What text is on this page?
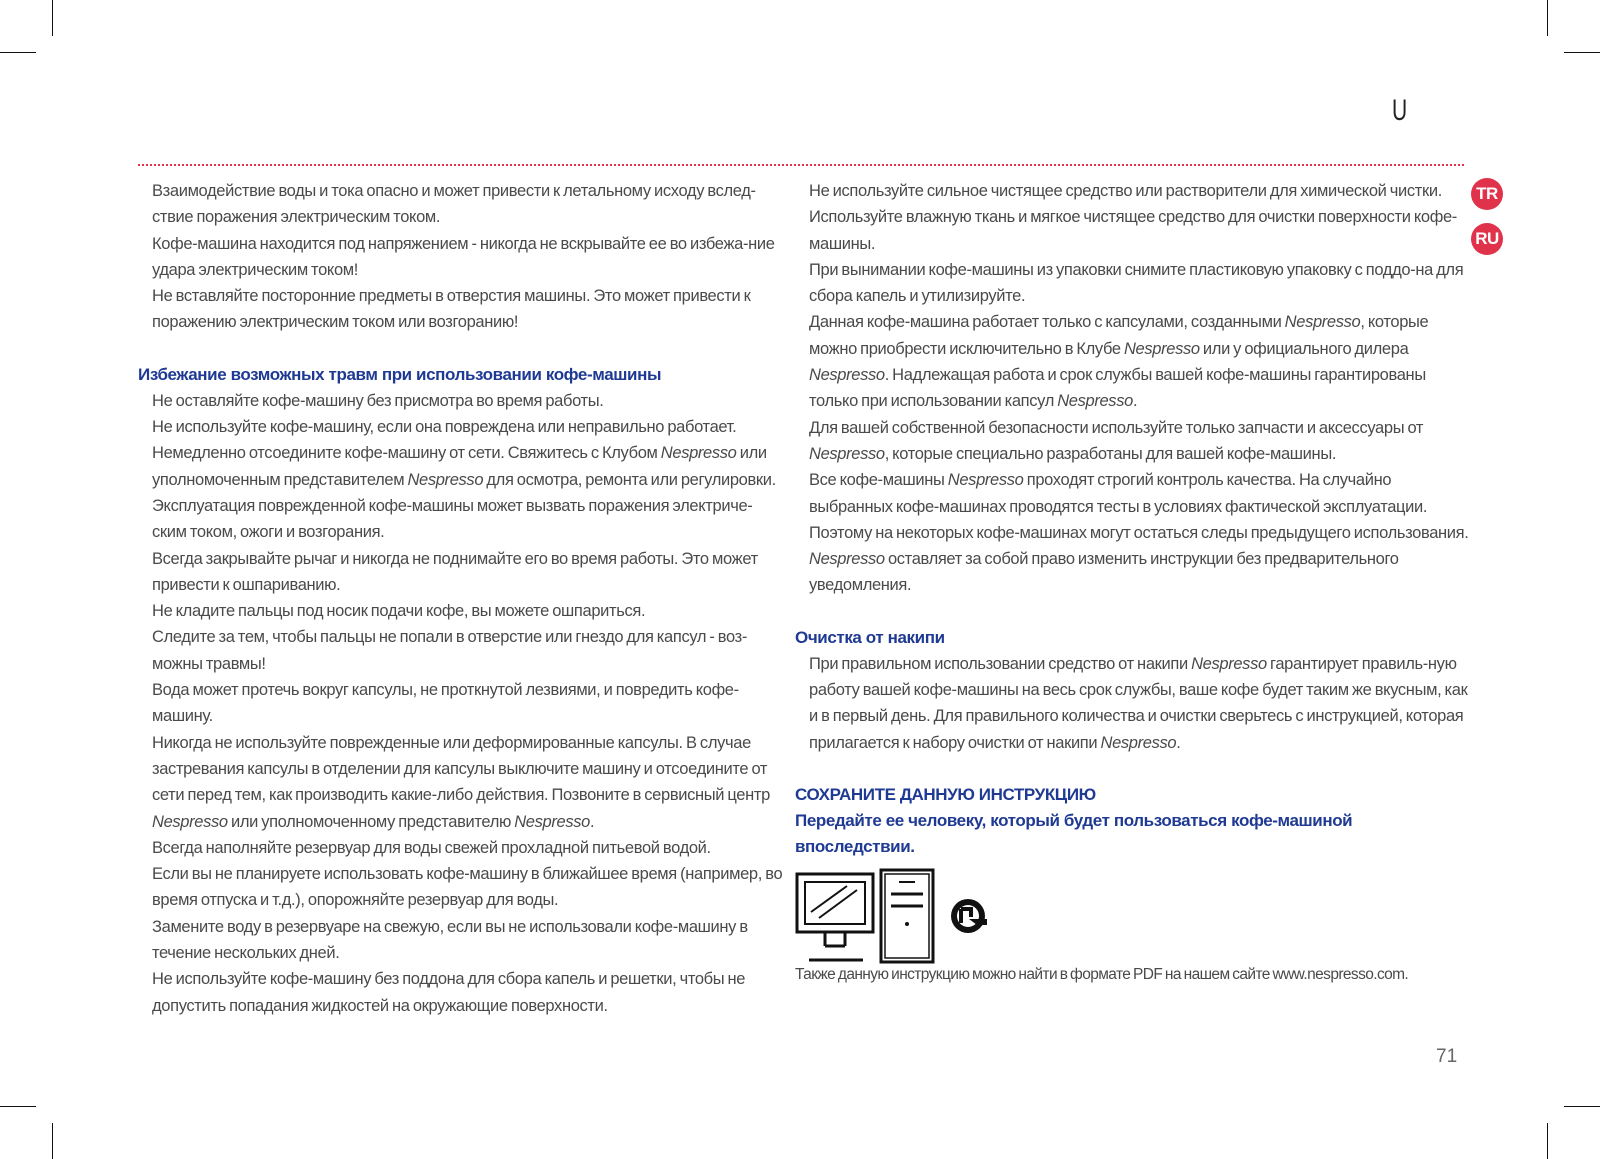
U
TR
RU
Взаимодействие воды и тока опасно и может привести к летальному исходу вслед-ствие поражения электрическим током.
Кофе-машина находится под напряжением - никогда не вскрывайте ее во избежа-ние удара электрическим током!
Не вставляйте посторонние предметы в отверстия машины. Это может привести к поражению электрическим током или возгоранию!
Избежание возможных травм при использовании кофе-машины
Не оставляйте кофе-машину без присмотра во время работы.
Не используйте кофе-машину, если она повреждена или неправильно работает.
Немедленно отсоедините кофе-машину от сети. Свяжитесь с Клубом Nespresso или уполномоченным представителем Nespresso для осмотра, ремонта или регулировки.
Эксплуатация поврежденной кофе-машины может вызвать поражения электриче-ским током, ожоги и возгорания.
Всегда закрывайте рычаг и никогда не поднимайте его во время работы. Это может привести к ошпариванию.
Не кладите пальцы под носик подачи кофе, вы можете ошпариться.
Следите за тем, чтобы пальцы не попали в отверстие или гнездо для капсул - воз-можны травмы!
Вода может протечь вокруг капсулы, не проткнутой лезвиями, и повредить кофе-машину.
Никогда не используйте поврежденные или деформированные капсулы. В случае застревания капсулы в отделении для капсулы выключите машину и отсоедините от сети перед тем, как производить какие-либо действия. Позвоните в сервисный центр Nespresso или уполномоченному представителю Nespresso.
Всегда наполняйте резервуар для воды свежей прохладной питьевой водой.
Если вы не планируете использовать кофе-машину в ближайшее время (например, во время отпуска и т.д.), опорожняйте резервуар для воды.
Замените воду в резервуаре на свежую, если вы не использовали кофе-машину в течение нескольких дней.
Не используйте кофе-машину без поддона для сбора капель и решетки, чтобы не допустить попадания жидкостей на окружающие поверхности.
Не используйте сильное чистящее средство или растворители для химической чистки. Используйте влажную ткань и мягкое чистящее средство для очистки поверхности кофе-машины.
При вынимании кофе-машины из упаковки снимите пластиковую упаковку с поддо-на для сбора капель и утилизируйте.
Данная кофе-машина работает только с капсулами, созданными Nespresso, которые можно приобрести исключительно в Клубе Nespresso или у официального дилера Nespresso. Надлежащая работа и срок службы вашей кофе-машины гарантированы только при использовании капсул Nespresso.
Для вашей собственной безопасности используйте только запчасти и аксессуары от Nespresso, которые специально разработаны для вашей кофе-машины.
Все кофе-машины Nespresso проходят строгий контроль качества. На случайно выбранных кофе-машинах проводятся тесты в условиях фактической эксплуатации. Поэтому на некоторых кофе-машинах могут остаться следы предыдущего использования.
Nespresso оставляет за собой право изменить инструкции без предварительного уведомления.
Очистка от накипи
При правильном использовании средство от накипи Nespresso гарантирует правиль-ную работу вашей кофе-машины на весь срок службы, ваше кофе будет таким же вкусным, как и в первый день. Для правильного количества и очистки сверьтесь с инструкцией, которая прилагается к набору очистки от накипи Nespresso.
СОХРАНИТЕ ДАННУЮ ИНСТРУКЦИЮ
Передайте ее человеку, который будет пользоваться кофе-машиной впоследствии.
Также данную инструкцию можно найти в формате PDF на нашем сайте www.nespresso.com.
71
